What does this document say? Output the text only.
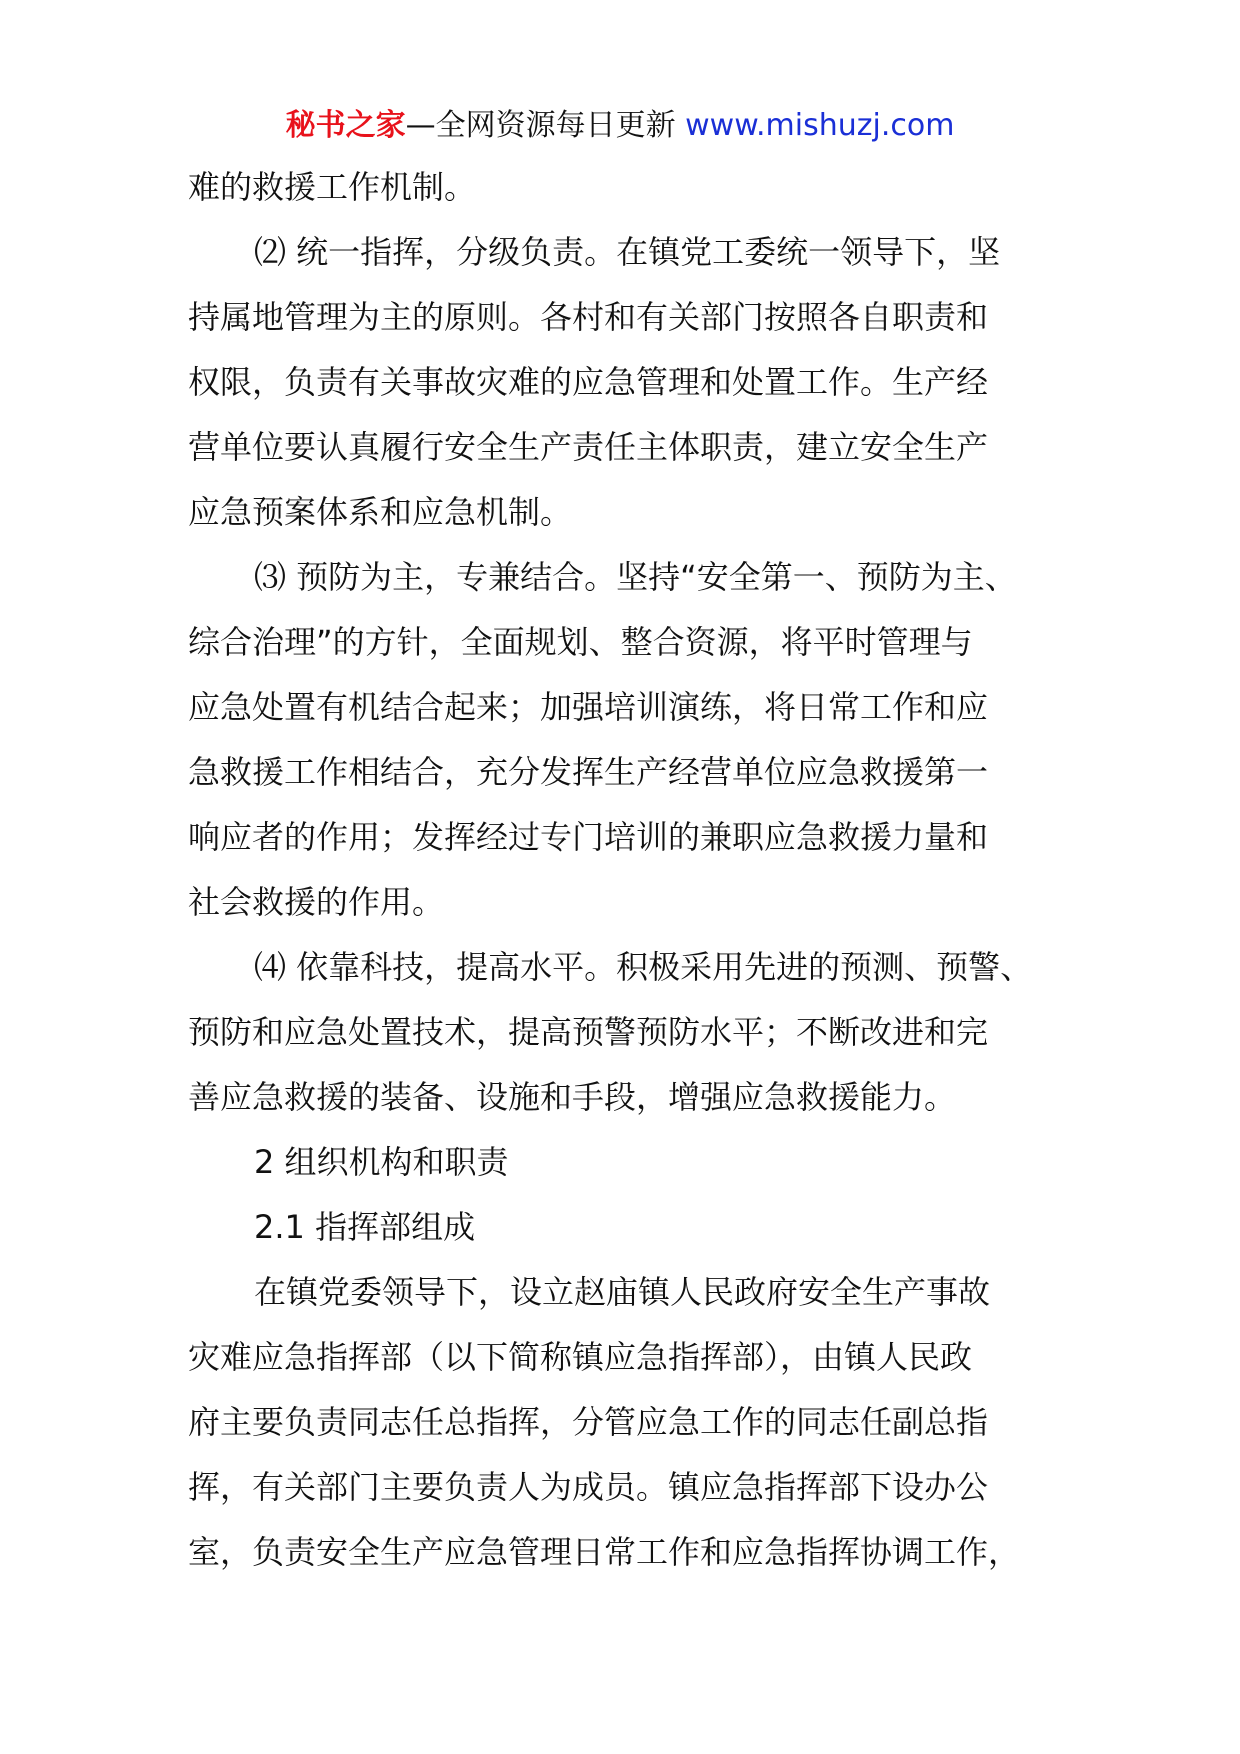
秘书之家—全网资源每日更新 www.mishuzj.com
难的救援工作机制。
⑵ 统一指挥，分级负责。在镇党工委统一领导下，坚
持属地管理为主的原则。各村和有关部门按照各自职责和
权限，负责有关事故灾难的应急管理和处置工作。生产经
营单位要认真履行安全生产责任主体职责，建立安全生产
应急预案体系和应急机制。
⑶ 预防为主，专兼结合。坚持“安全第一、预防为主、
综合治理”的方针，全面规划、整合资源，将平时管理与
应急处置有机结合起来；加强培训演练，将日常工作和应
急救援工作相结合，充分发挥生产经营单位应急救援第一
响应者的作用；发挥经过专门培训的兼职应急救援力量和
社会救援的作用。
⑷ 依靠科技，提高水平。积极采用先进的预测、预警、
预防和应急处置技术，提高预警预防水平；不断改进和完
善应急救援的装备、设施和手段，增强应急救援能力。
2 组织机构和职责
2.1 指挥部组成
在镇党委领导下，设立赵庙镇人民政府安全生产事故
灾难应急指挥部（以下简称镇应急指挥部），由镇人民政
府主要负责同志任总指挥，分管应急工作的同志任副总指
挥，有关部门主要负责人为成员。镇应急指挥部下设办公
室，负责安全生产应急管理日常工作和应急指挥协调工作，
